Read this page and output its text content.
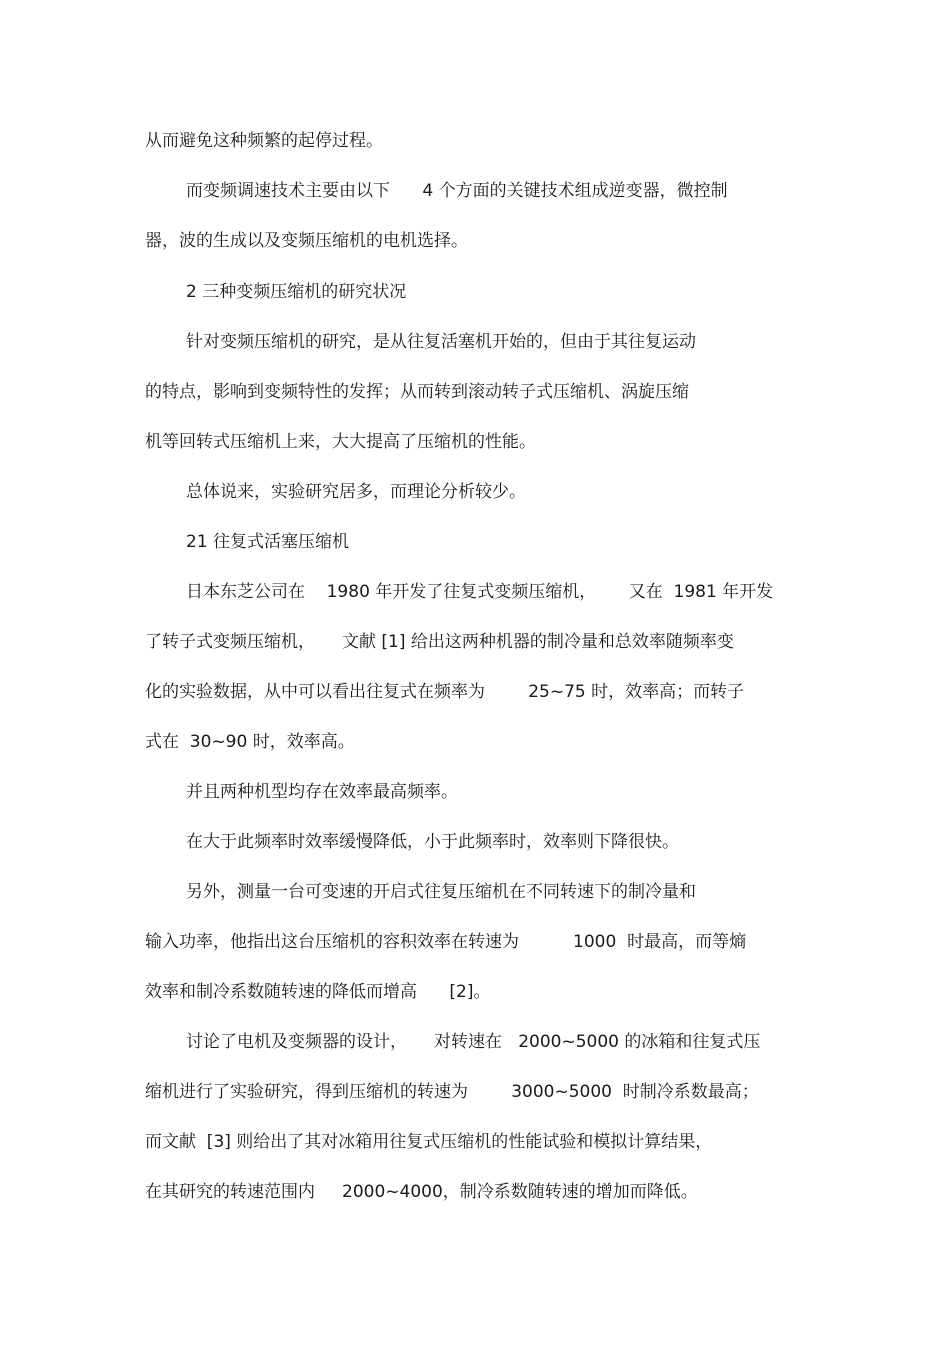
从而避免这种频繁的起停过程。
而变频调速技术主要由以下      4 个方面的关键技术组成逆变器，微控制
器，波的生成以及变频压缩机的电机选择。
2 三种变频压缩机的研究状况
针对变频压缩机的研究，是从往复活塞机开始的，但由于其往复运动
的特点，影响到变频特性的发挥；从而转到滚动转子式压缩机、涡旋压缩
机等回转式压缩机上来，大大提高了压缩机的性能。
总体说来，实验研究居多，而理论分析较少。
21 往复式活塞压缩机
日本东芝公司在    1980 年开发了往复式变频压缩机，      又在  1981 年开发
了转子式变频压缩机，     文献 [1] 给出这两种机器的制冷量和总效率随频率变
化的实验数据，从中可以看出往复式在频率为        25~75 时，效率高；而转子
式在  30~90 时，效率高。
并且两种机型均存在效率最高频率。
在大于此频率时效率缓慢降低，小于此频率时，效率则下降很快。
另外，测量一台可变速的开启式往复压缩机在不同转速下的制冷量和
输入功率，他指出这台压缩机的容积效率在转速为          1000  时最高，而等熵
效率和制冷系数随转速的降低而增高      [2]。
讨论了电机及变频器的设计，     对转速在   2000~5000 的冰箱和往复式压
缩机进行了实验研究，得到压缩机的转速为        3000~5000  时制冷系数最高；
而文献  [3] 则给出了其对冰箱用往复式压缩机的性能试验和模拟计算结果，
在其研究的转速范围内     2000~4000，制冷系数随转速的增加而降低。
